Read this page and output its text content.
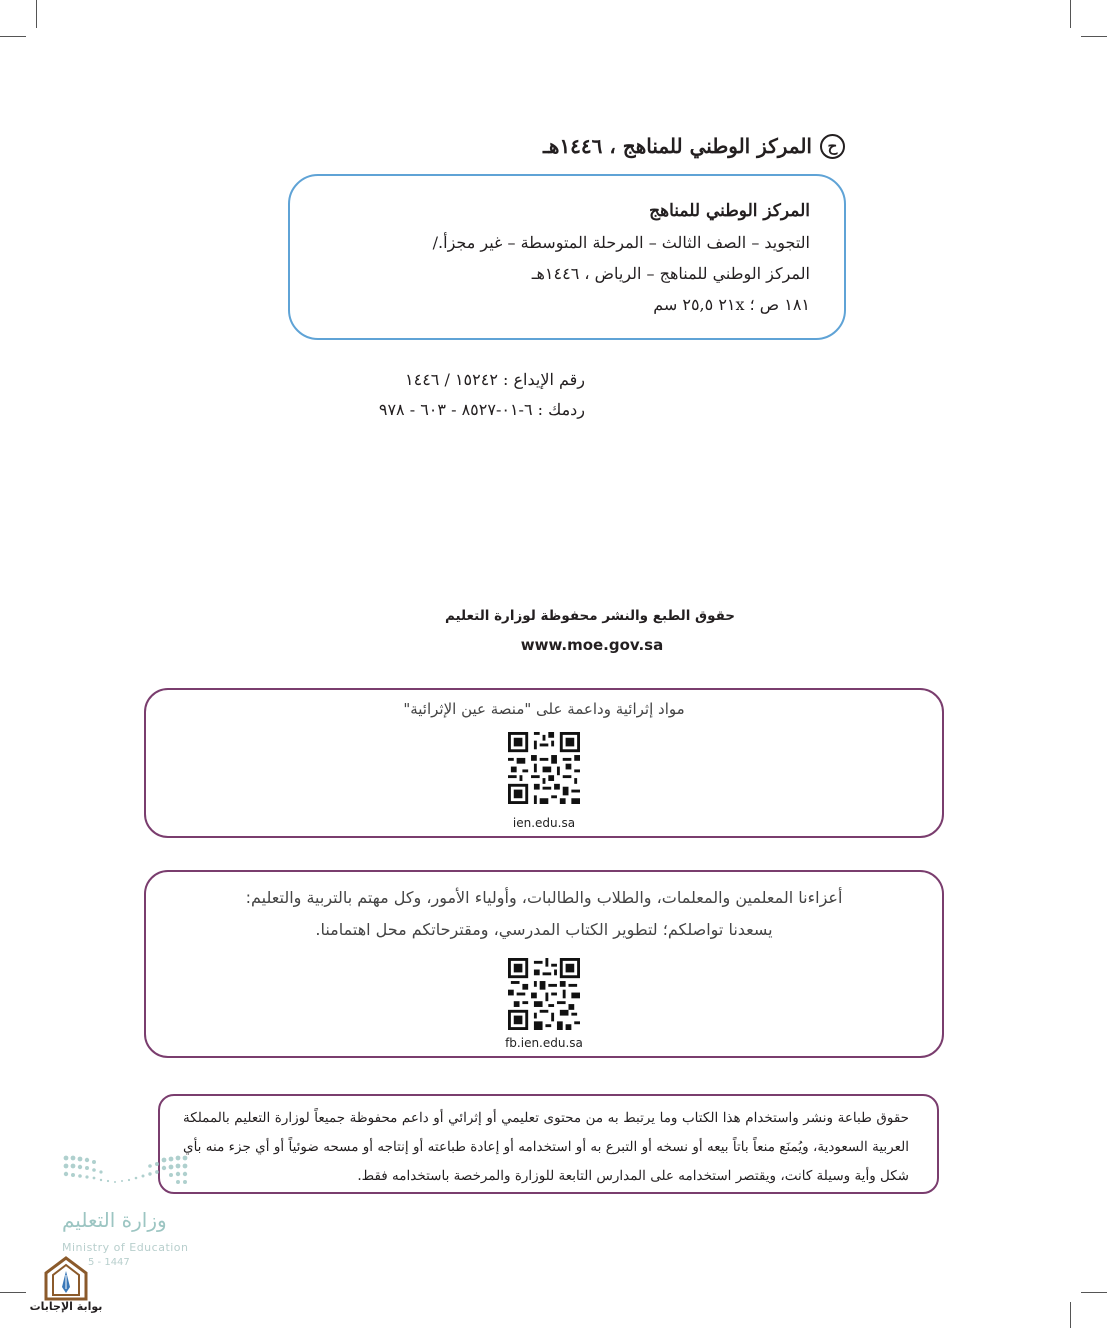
ح
المركز الوطني للمناهج ، ١٤٤٦هـ
المركز الوطني للمناهج
التجويد – الصف الثالث – المرحلة المتوسطة – غير مجزأ./
المركز الوطني للمناهج – الرياض ، ١٤٤٦هـ
١٨١ ص ؛ ٢١x ٢٥,٥ سم
رقم الإيداع : ١٥٢٤٢ / ١٤٤٦
ردمك : ٦-٠١-٨٥٢٧ - ٦٠٣ - ٩٧٨
حقوق الطبع والنشر محفوظة لوزارة التعليم
www.moe.gov.sa
مواد إثرائية وداعمة على "منصة عين الإثرائية"
ien.edu.sa
أعزاءنا المعلمين والمعلمات، والطلاب والطالبات، وأولياء الأمور، وكل مهتم بالتربية والتعليم:
يسعدنا تواصلكم؛ لتطوير الكتاب المدرسي، ومقترحاتكم محل اهتمامنا.
fb.ien.edu.sa
حقوق طباعة ونشر واستخدام هذا الكتاب وما يرتبط به من محتوى تعليمي أو إثرائي أو داعم محفوظة جميعاً لوزارة التعليم بالمملكة العربية السعودية، ويُمنَع منعاً باتاً بيعه أو نسخه أو التبرع به أو استخدامه أو إعادة طباعته أو إنتاجه أو مسحه ضوئياً أو أي جزء منه بأي شكل وأية وسيلة كانت، ويقتصر استخدامه على المدارس التابعة للوزارة والمرخصة باستخدامه فقط.
وزارة التعليم
Ministry of Education
5 - 1447
بوابة الإجابات
